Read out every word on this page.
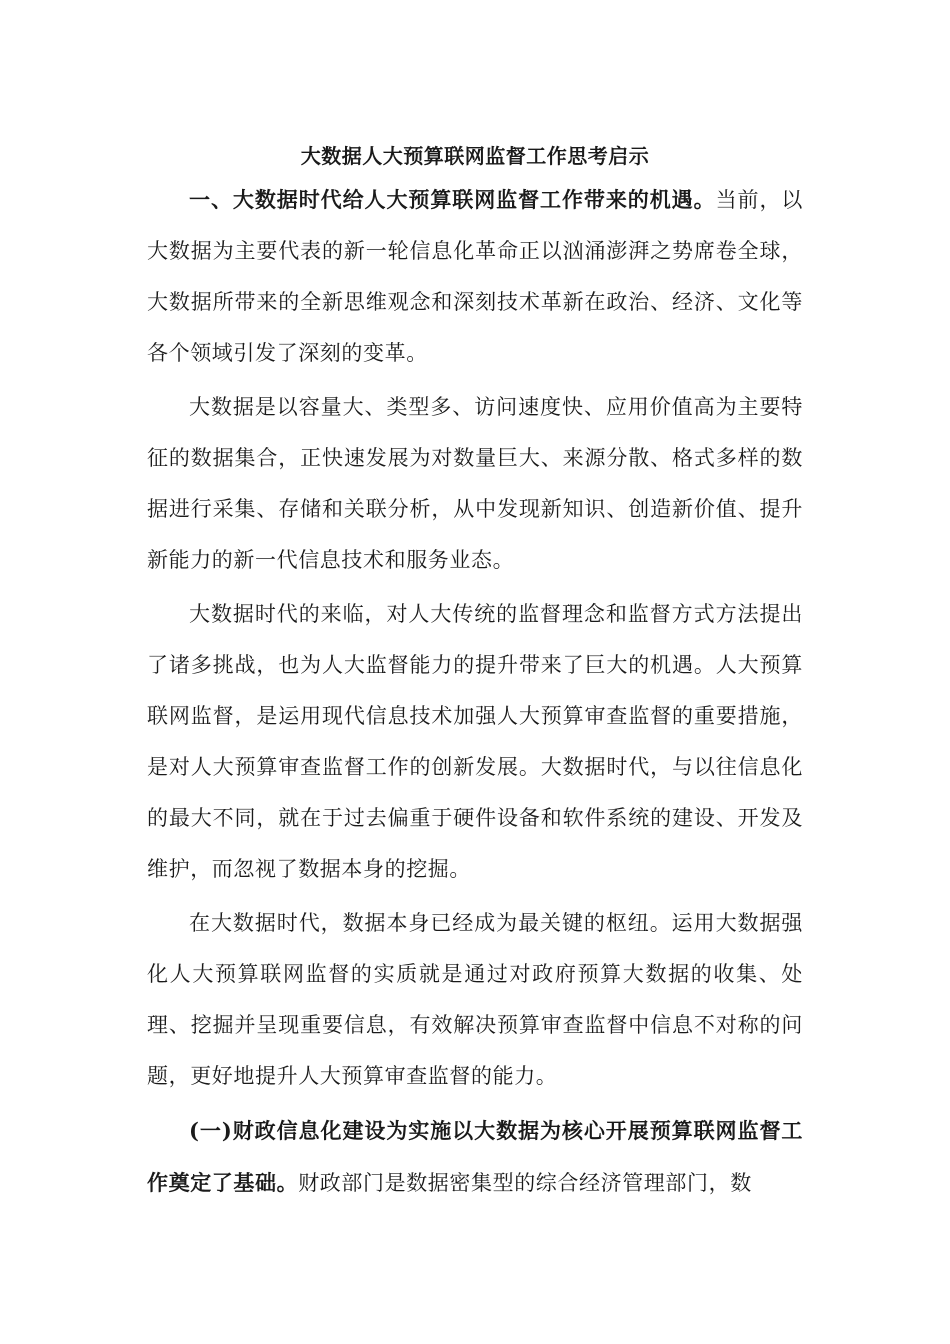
大数据人大预算联网监督工作思考启示

一、大数据时代给人大预算联网监督工作带来的机遇。当前，以大数据为主要代表的新一轮信息化革命正以汹涌澎湃之势席卷全球，大数据所带来的全新思维观念和深刻技术革新在政治、经济、文化等各个领域引发了深刻的变革。

大数据是以容量大、类型多、访问速度快、应用价值高为主要特征的数据集合，正快速发展为对数量巨大、来源分散、格式多样的数据进行采集、存储和关联分析，从中发现新知识、创造新价值、提升新能力的新一代信息技术和服务业态。

大数据时代的来临，对人大传统的监督理念和监督方式方法提出了诸多挑战，也为人大监督能力的提升带来了巨大的机遇。人大预算联网监督，是运用现代信息技术加强人大预算审查监督的重要措施，是对人大预算审查监督工作的创新发展。大数据时代，与以往信息化的最大不同，就在于过去偏重于硬件设备和软件系统的建设、开发及维护，而忽视了数据本身的挖掘。

在大数据时代，数据本身已经成为最关键的枢纽。运用大数据强化人大预算联网监督的实质就是通过对政府预算大数据的收集、处理、挖掘并呈现重要信息，有效解决预算审查监督中信息不对称的问题，更好地提升人大预算审查监督的能力。

(一)财政信息化建设为实施以大数据为核心开展预算联网监督工作奠定了基础。财政部门是数据密集型的综合经济管理部门，数
